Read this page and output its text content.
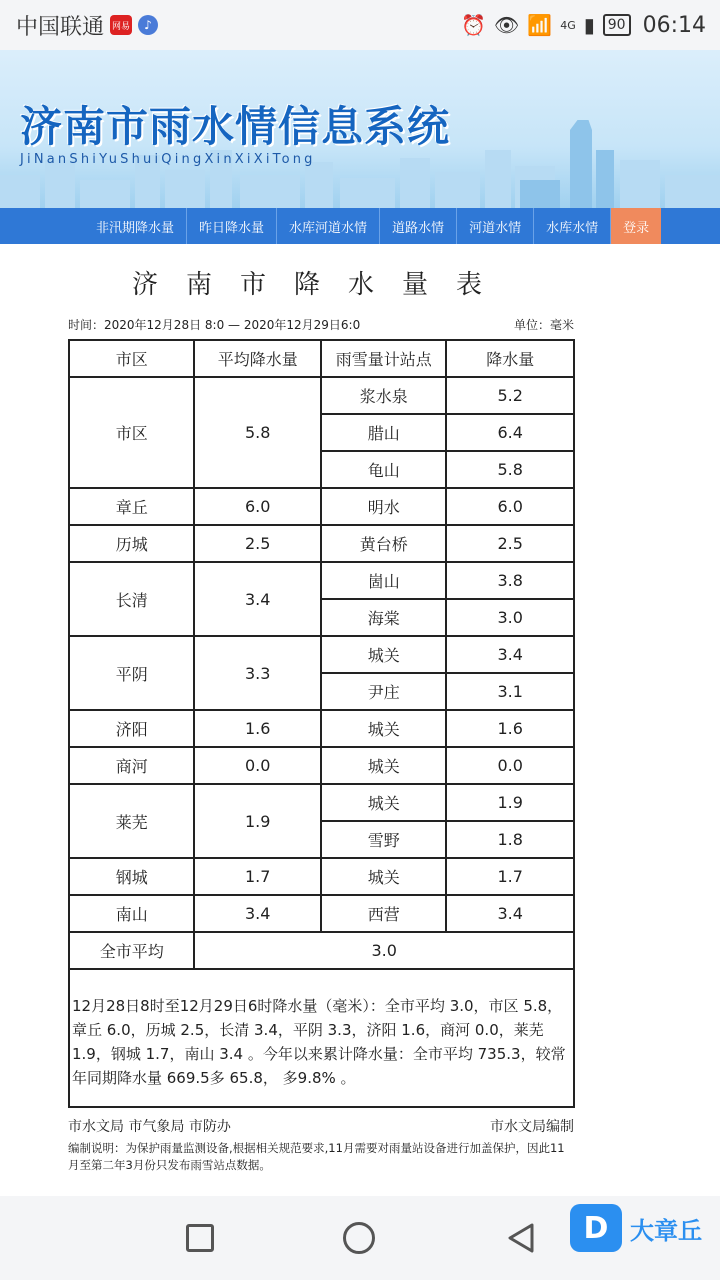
中国联通 网易	♪	⏰ 👁 📶 4G ▮ 90 06:14
济南市雨水情信息系统
JiNanShiYuShuiQingXinXiXiTong
非汛期降水量	昨日降水量	水库河道水情	道路水情	河道水情	水库水情	登录
济南市降水量表
时间：2020年12月28日 8:0 — 2020年12月29日6:0	单位：毫米
市区	平均降水量	雨雪量计站点	降水量
市区	5.8	浆水泉	5.2
		腊山	6.4
		龟山	5.8
章丘	6.0	明水	6.0
历城	2.5	黄台桥	2.5
长清	3.4	崮山	3.8
		海棠	3.0
平阴	3.3	城关	3.4
		尹庄	3.1
济阳	1.6	城关	1.6
商河	0.0	城关	0.0
莱芜	1.9	城关	1.9
		雪野	1.8
钢城	1.7	城关	1.7
南山	3.4	西营	3.4
全市平均	3.0		
12月28日8时至12月29日6时降水量（毫米）：全市平均 3.0，市区 5.8，章丘 6.0，历城 2.5，长清 3.4，平阴 3.3，济阳 1.6，商河 0.0，莱芜 1.9，钢城 1.7，南山 3.4 。今年以来累计降水量：全市平均 735.3，较常年同期降水量 669.5多 65.8， 多9.8% 。
市水文局 市气象局 市防办	市水文局编制
编制说明：为保护雨量监测设备,根据相关规范要求,11月需要对雨量站设备进行加盖保护，因此11月至第二年3月份只发布雨雪站点数据。
D 大章丘
